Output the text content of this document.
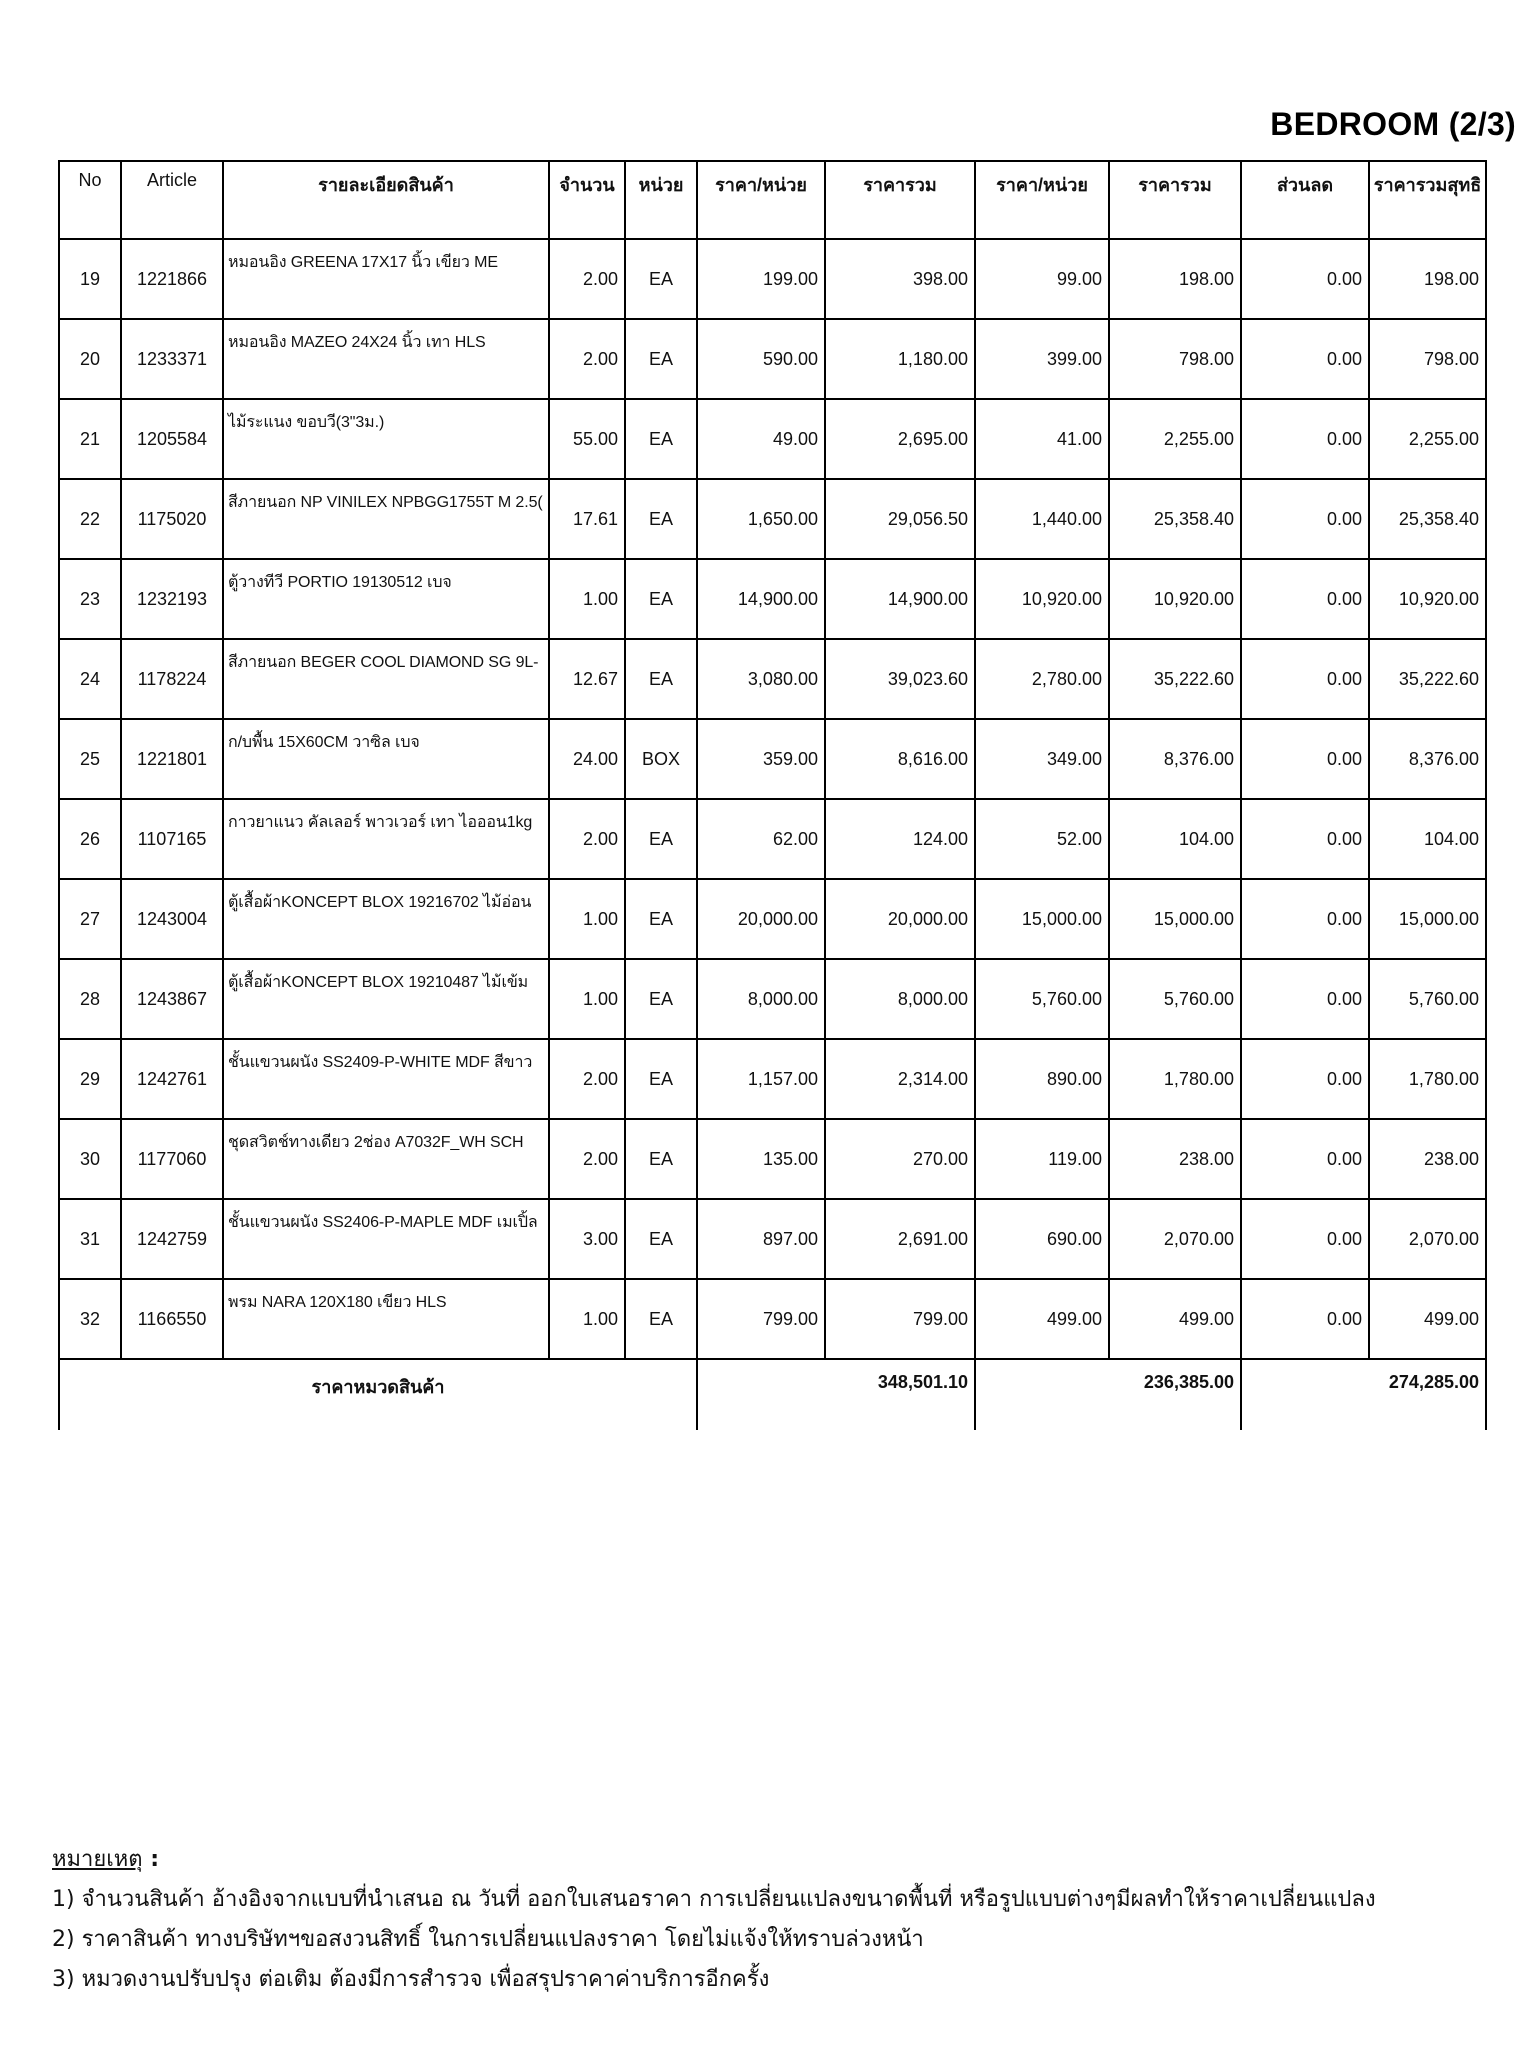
BEDROOM (2/3)
No	Article	รายละเอียดสินค้า	จำนวน	หน่วย	ราคา/หน่วย	ราคารวม	ราคา/หน่วย	ราคารวม	ส่วนลด	ราคารวมสุทธิ
19	1221866	หมอนอิง GREENA 17X17 นิ้ว เขียว ME	2.00	EA	199.00	398.00	99.00	198.00	0.00	198.00
20	1233371	หมอนอิง MAZEO 24X24 นิ้ว เทา HLS	2.00	EA	590.00	1,180.00	399.00	798.00	0.00	798.00
21	1205584	ไม้ระแนง ขอบวี(3"3ม.)	55.00	EA	49.00	2,695.00	41.00	2,255.00	0.00	2,255.00
22	1175020	สีภายนอก NP VINILEX NPBGG1755T M 2.5(	17.61	EA	1,650.00	29,056.50	1,440.00	25,358.40	0.00	25,358.40
23	1232193	ตู้วางทีวี PORTIO 19130512 เบจ	1.00	EA	14,900.00	14,900.00	10,920.00	10,920.00	0.00	10,920.00
24	1178224	สีภายนอก BEGER COOL DIAMOND SG 9L-	12.67	EA	3,080.00	39,023.60	2,780.00	35,222.60	0.00	35,222.60
25	1221801	ก/บพื้น 15X60CM วาซิล เบจ	24.00	BOX	359.00	8,616.00	349.00	8,376.00	0.00	8,376.00
26	1107165	กาวยาแนว คัลเลอร์ พาวเวอร์ เทา ไอออน1kg	2.00	EA	62.00	124.00	52.00	104.00	0.00	104.00
27	1243004	ตู้เสื้อผ้าKONCEPT BLOX 19216702 ไม้อ่อน	1.00	EA	20,000.00	20,000.00	15,000.00	15,000.00	0.00	15,000.00
28	1243867	ตู้เสื้อผ้าKONCEPT BLOX 19210487 ไม้เข้ม	1.00	EA	8,000.00	8,000.00	5,760.00	5,760.00	0.00	5,760.00
29	1242761	ชั้นแขวนผนัง SS2409-P-WHITE MDF สีขาว	2.00	EA	1,157.00	2,314.00	890.00	1,780.00	0.00	1,780.00
30	1177060	ชุดสวิตช์ทางเดียว 2ช่อง A7032F_WH SCH	2.00	EA	135.00	270.00	119.00	238.00	0.00	238.00
31	1242759	ชั้นแขวนผนัง SS2406-P-MAPLE MDF เมเปิ้ล	3.00	EA	897.00	2,691.00	690.00	2,070.00	0.00	2,070.00
32	1166550	พรม NARA 120X180 เขียว HLS	1.00	EA	799.00	799.00	499.00	499.00	0.00	499.00
ราคาหมวดสินค้า					348,501.10		236,385.00		274,285.00	
หมายเหตุ :
1) จำนวนสินค้า อ้างอิงจากแบบที่นำเสนอ ณ วันที่ ออกใบเสนอราคา การเปลี่ยนแปลงขนาดพื้นที่ หรือรูปแบบต่างๆมีผลทำให้ราคาเปลี่ยนแปลง
2) ราคาสินค้า ทางบริษัทฯขอสงวนสิทธิ์ ในการเปลี่ยนแปลงราคา โดยไม่แจ้งให้ทราบล่วงหน้า
3) หมวดงานปรับปรุง ต่อเติม ต้องมีการสำรวจ เพื่อสรุปราคาค่าบริการอีกครั้ง
